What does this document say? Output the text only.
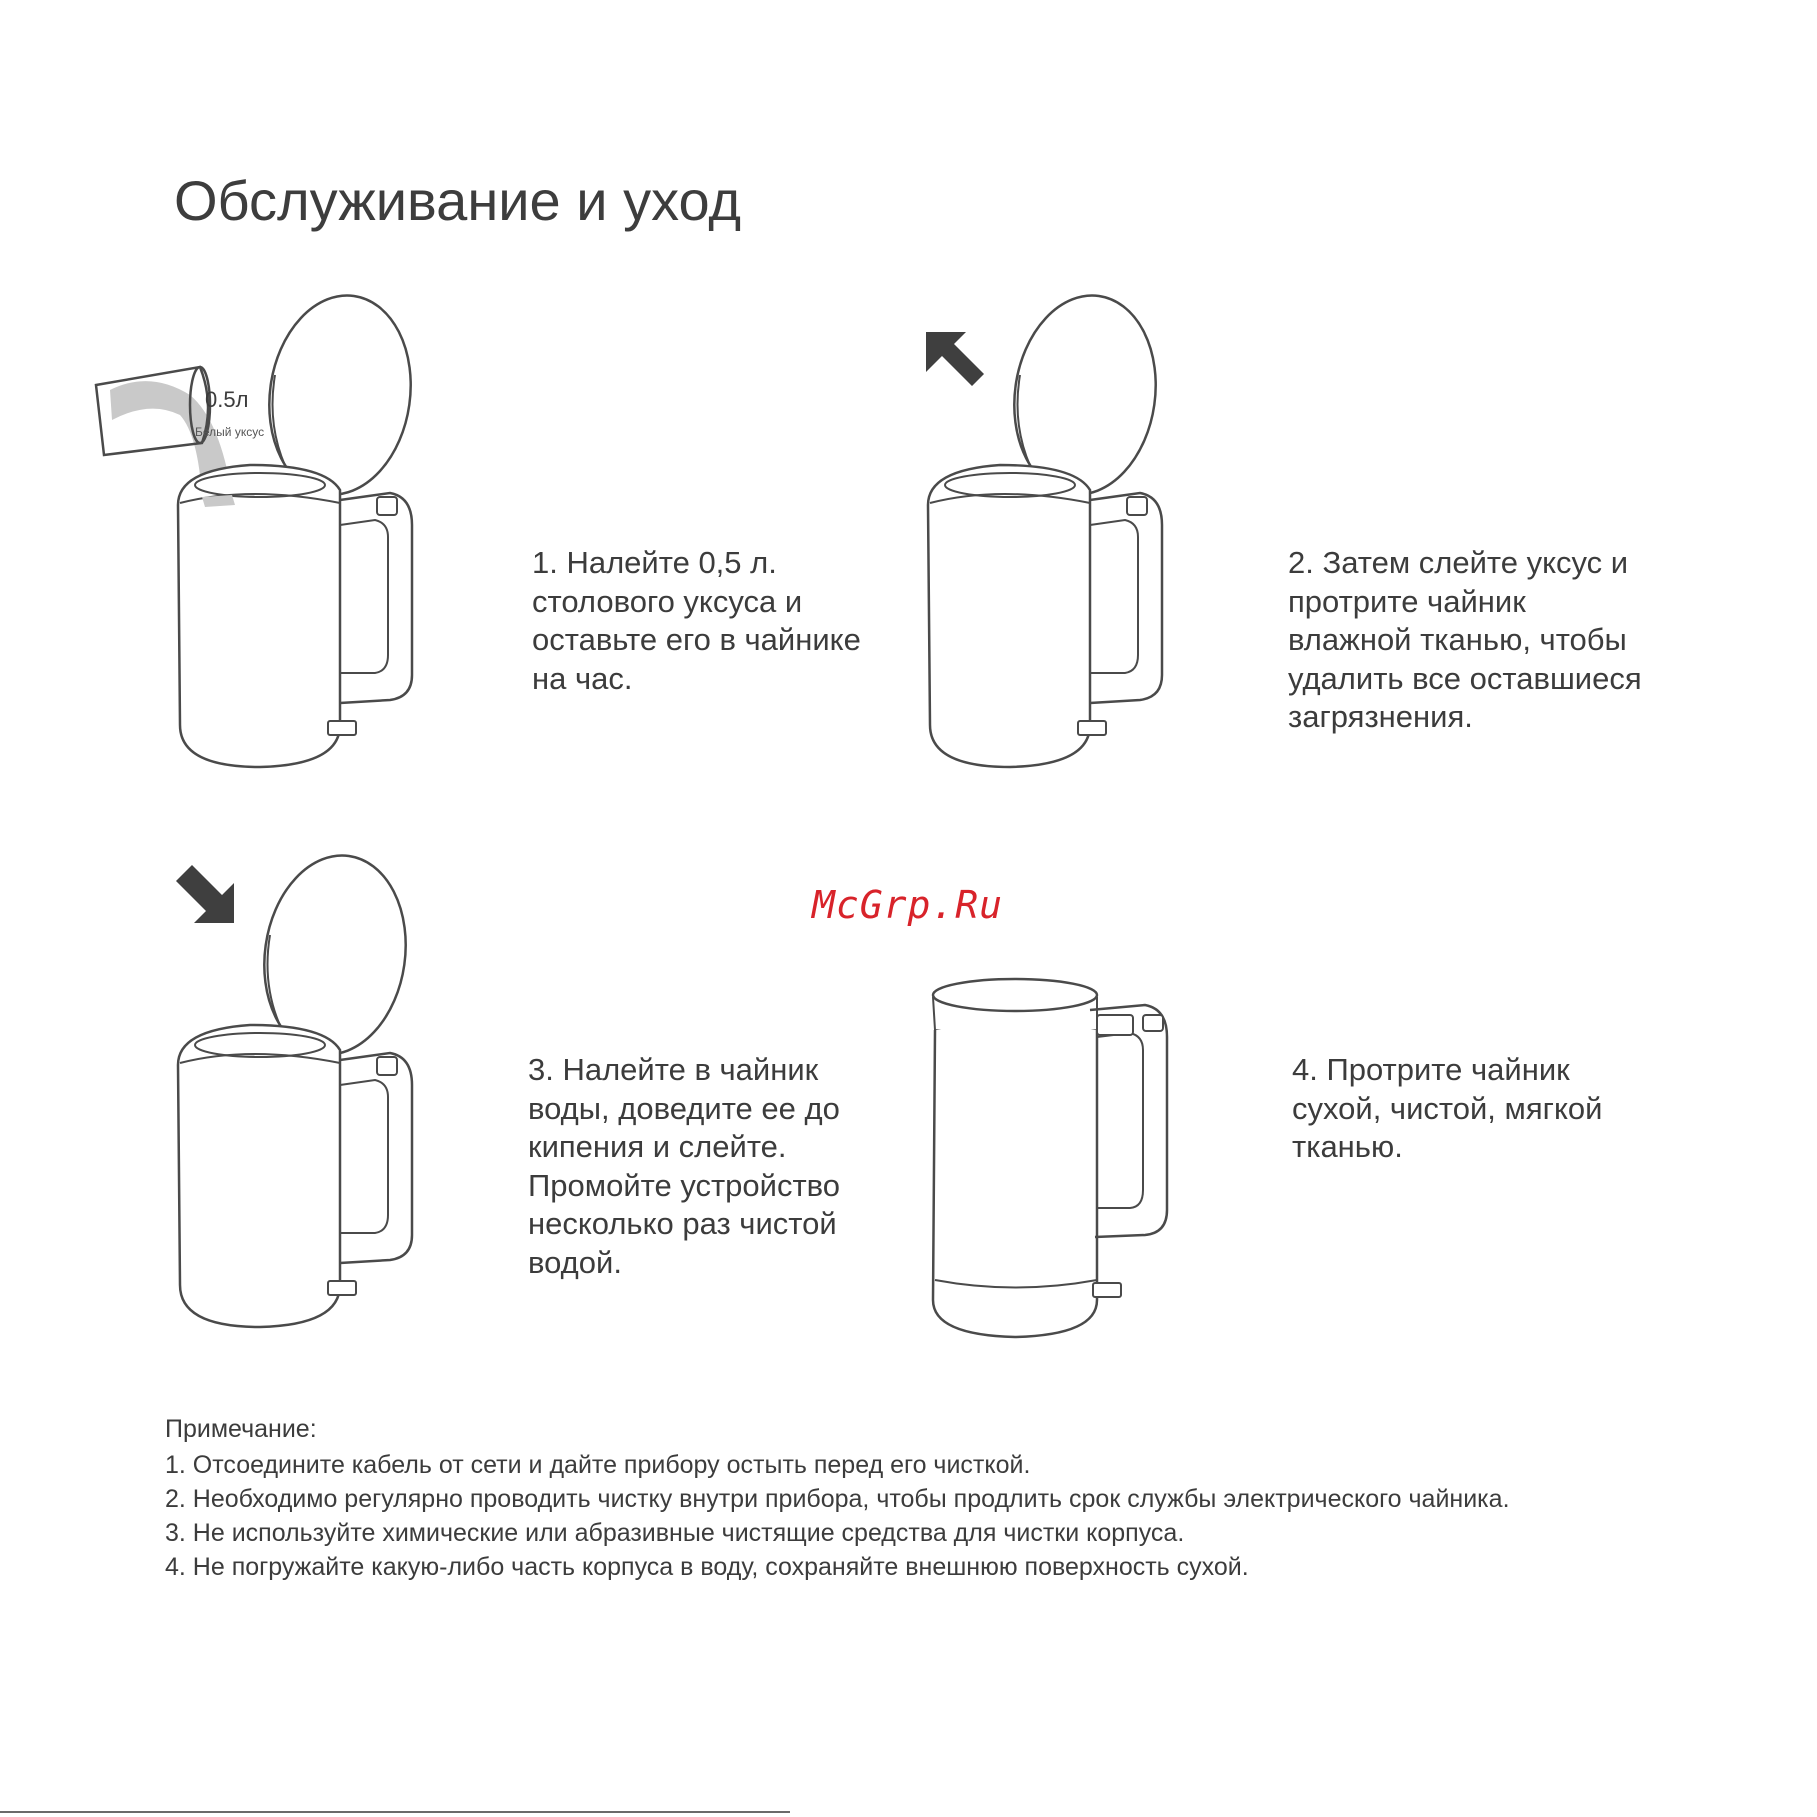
Обслуживание и уход
0.5л
Белый уксус

1. Налейте 0,5 л.
столового уксуса и
оставьте его в чайнике
на час.

2. Затем слейте уксус и
протрите чайник
влажной тканью, чтобы
удалить все оставшиеся
загрязнения.

3. Налейте в чайник
воды, доведите ее до
кипения и слейте.
Промойте устройство
несколько раз чистой
водой.

4. Протрите чайник
сухой, чистой, мягкой
тканью.

McGrp.Ru
Примечание:
1. Отсоедините кабель от сети и дайте прибору остыть перед его чисткой.
2. Необходимо регулярно проводить чистку внутри прибора, чтобы продлить срок службы электрического чайника.
3. Не используйте химические или абразивные чистящие средства для чистки корпуса.
4. Не погружайте какую-либо часть корпуса в воду, сохраняйте внешнюю поверхность сухой.
